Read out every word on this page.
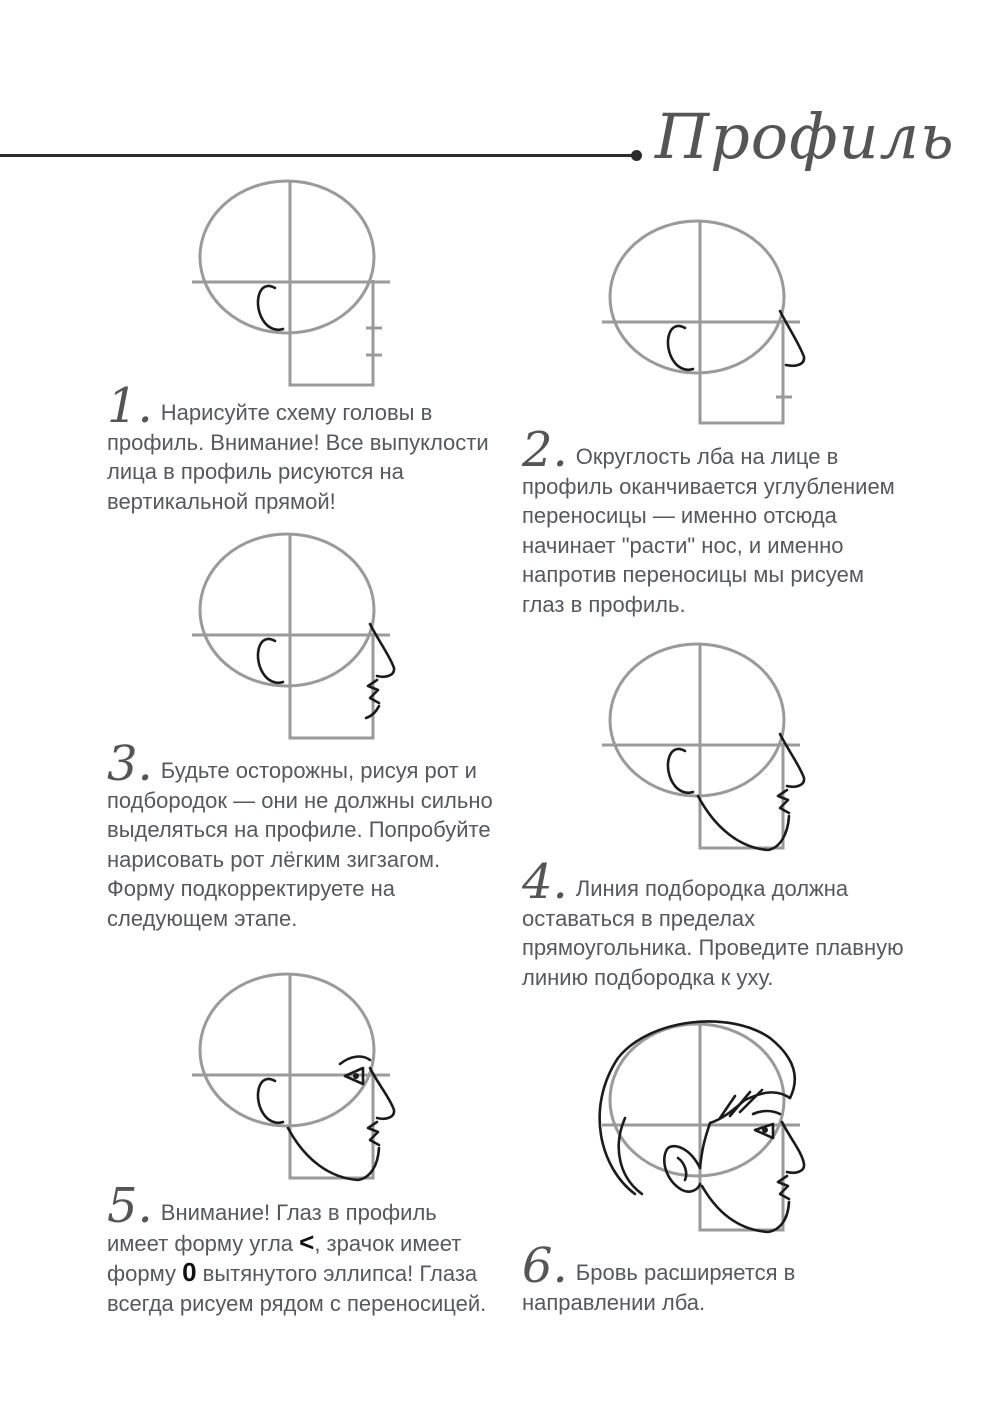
Профиль
1. Нарисуйте схему головы в профиль. Внимание! Все выпуклости лица в профиль рисуются на вертикальной прямой!
2. Округлость лба на лице в профиль оканчивается углублением переносицы — именно отсюда начинает "расти" нос, и именно напротив переносицы мы рисуем глаз в профиль.
3. Будьте осторожны, рисуя рот и подбородок — они не должны сильно выделяться на профиле. Попробуйте нарисовать рот лёгким зигзагом. Форму подкорректируете на следующем этапе.
4. Линия подбородка должна оставаться в пределах прямоугольника. Проведите плавную линию подбородка к уху.
5. Внимание! Глаз в профиль имеет форму угла <, зрачок имеет форму 0 вытянутого эллипса! Глаза всегда рисуем рядом с переносицей.
6. Бровь расширяется в направлении лба.
